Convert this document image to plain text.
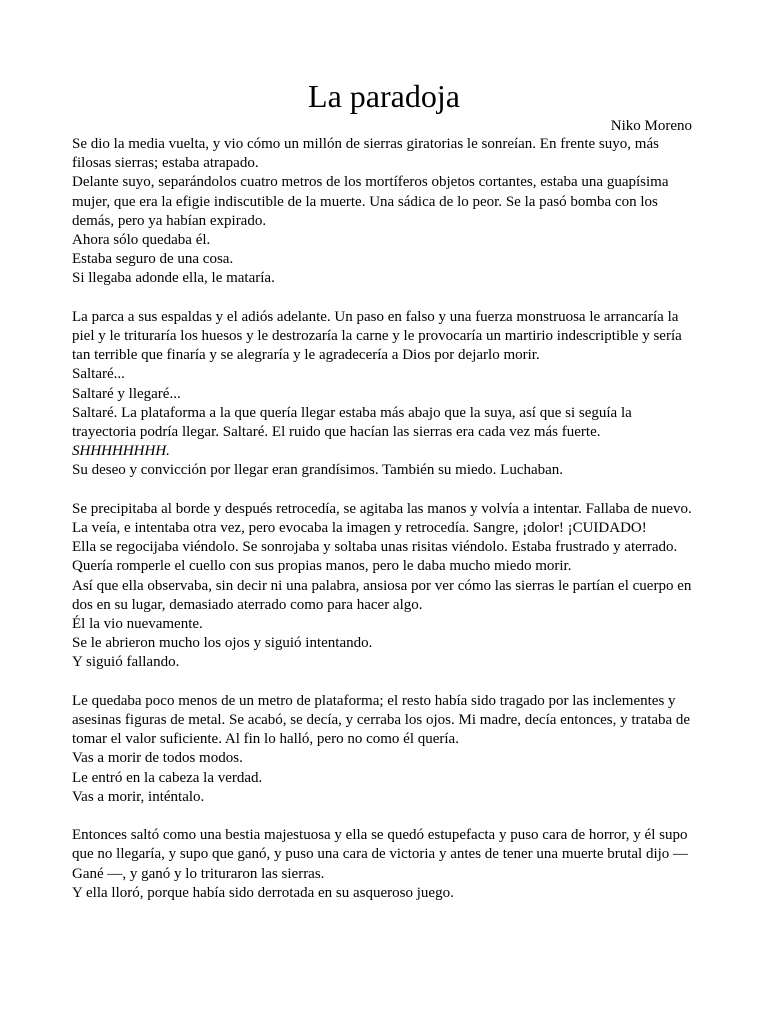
La paradoja

Niko Moreno

Se dio la media vuelta, y vio cómo un millón de sierras giratorias le sonreían. En frente suyo, más filosas sierras; estaba atrapado.

Delante suyo, separándolos cuatro metros de los mortíferos objetos cortantes, estaba una guapísima mujer, que era la efigie indiscutible de la muerte. Una sádica de lo peor. Se la pasó bomba con los demás, pero ya habían expirado.

Ahora sólo quedaba él.

Estaba seguro de una cosa.

Si llegaba adonde ella, le mataría.

La parca a sus espaldas y el adiós adelante. Un paso en falso y una fuerza monstruosa le arrancaría la piel y le trituraría los huesos y le destrozaría la carne y le provocaría un martirio indescriptible y sería tan terrible que finaría y se alegraría y le agradecería a Dios por dejarlo morir.

Saltaré...

Saltaré y llegaré...

Saltaré. La plataforma a la que quería llegar estaba más abajo que la suya, así que si seguía la trayectoria podría llegar. Saltaré. El ruido que hacían las sierras era cada vez más fuerte.

SHHHHHHHH.

Su deseo y convicción por llegar eran grandísimos. También su miedo. Luchaban.

Se precipitaba al borde y después retrocedía, se agitaba las manos y volvía a intentar. Fallaba de nuevo. La veía, e intentaba otra vez, pero evocaba la imagen y retrocedía. Sangre, ¡dolor! ¡CUIDADO!

Ella se regocijaba viéndolo. Se sonrojaba y soltaba unas risitas viéndolo. Estaba frustrado y aterrado. Quería romperle el cuello con sus propias manos, pero le daba mucho miedo morir.

Así que ella observaba, sin decir ni una palabra, ansiosa por ver cómo las sierras le partían el cuerpo en dos en su lugar, demasiado aterrado como para hacer algo.

Él la vio nuevamente.

Se le abrieron mucho los ojos y siguió intentando.

Y siguió fallando.

Le quedaba poco menos de un metro de plataforma; el resto había sido tragado por las inclementes y asesinas figuras de metal. Se acabó, se decía, y cerraba los ojos. Mi madre, decía entonces, y trataba de tomar el valor suficiente. Al fin lo halló, pero no como él quería.

Vas a morir de todos modos.

Le entró en la cabeza la verdad.

Vas a morir, inténtalo.

Entonces saltó como una bestia majestuosa y ella se quedó estupefacta y puso cara de horror, y él supo que no llegaría, y supo que ganó, y puso una cara de victoria y antes de tener una muerte brutal dijo —Gané —, y ganó y lo trituraron las sierras.

Y ella lloró, porque había sido derrotada en su asqueroso juego.
